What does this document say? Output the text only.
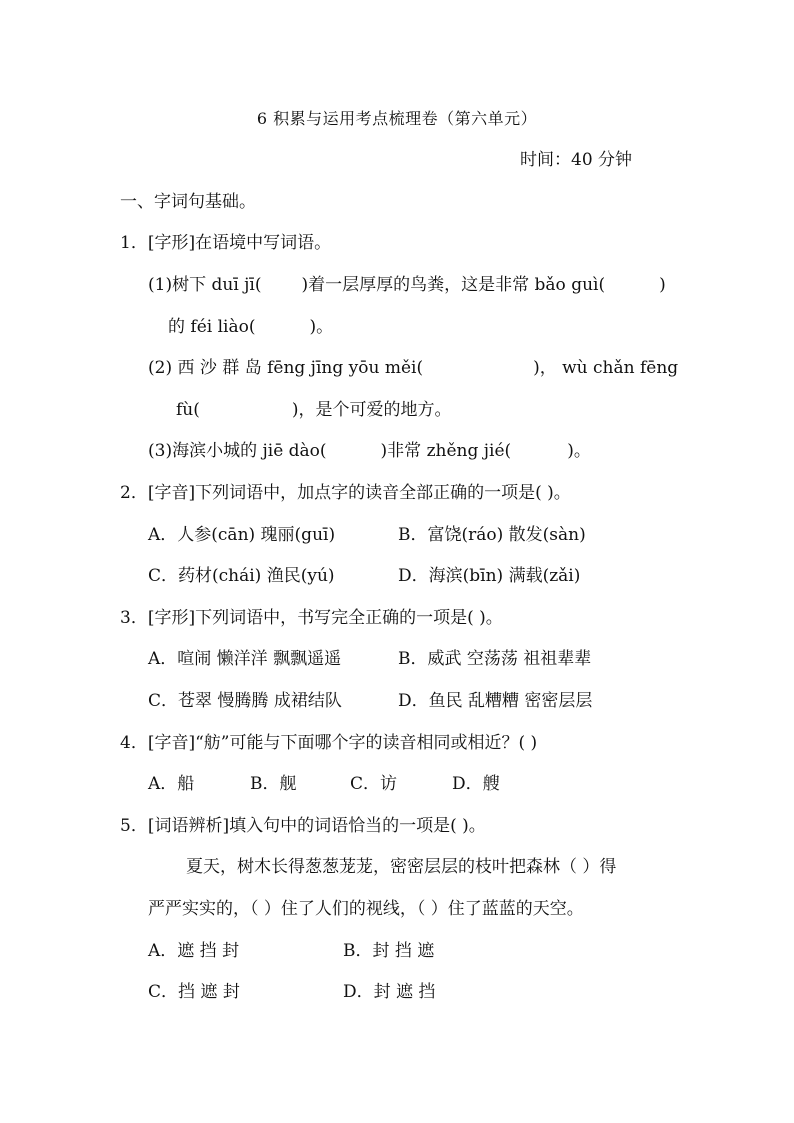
6 积累与运用考点梳理卷（第六单元）
时间：40 分钟
一、字词句基础。
1．[字形]在语境中写词语。
(1)树下 duī jī( )着一层厚厚的鸟粪，这是非常 bǎo guì(	)
的 féi liào(	)。
(2) 西 沙 群 岛 fēng jīng yōu měi(	)， wù chǎn fēng
fù(	)，是个可爱的地方。
(3)海滨小城的 jiē dào(	)非常 zhěng jié(	)。
2．[字音]下列词语中，加点字的读音全部正确的一项是( )。
A．人参(cān) 瑰丽(guī)	B．富饶(ráo) 散发(sàn)
C．药材(chái) 渔民(yú)	D．海滨(bīn) 满载(zǎi)
3．[字形]下列词语中，书写完全正确的一项是( )。
A．喧闹 懒洋洋 飘飘遥遥	B．威武 空荡荡 祖祖辈辈
C．苍翠 慢腾腾 成裙结队	D．鱼民 乱糟糟 密密层层
4．[字音]“舫”可能与下面哪个字的读音相同或相近？( )
A．船	B．舰	C．访	D．艘
5．[词语辨析]填入句中的词语恰当的一项是( )。
夏天，树木长得葱葱茏茏，密密层层的枝叶把森林（ ）得
严严实实的，（ ）住了人们的视线，（ ）住了蓝蓝的天空。
A．遮 挡 封	B．封 挡 遮
C．挡 遮 封	D．封 遮 挡
